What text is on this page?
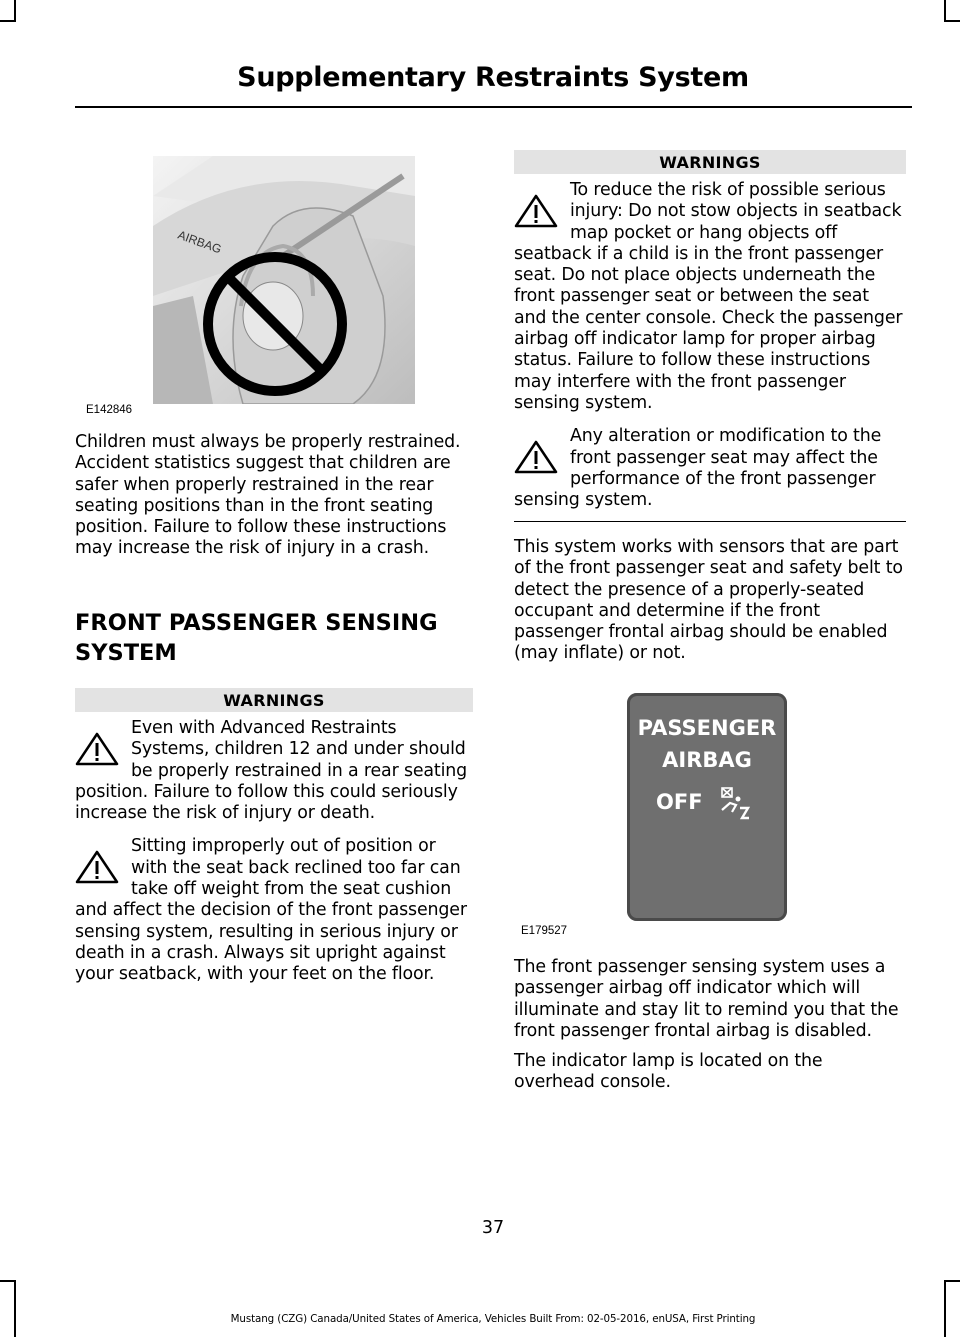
Supplementary Restraints System
AIRBAG
E142846

Children must always be properly restrained. Accident statistics suggest that children are safer when properly restrained in the rear seating positions than in the front seating position. Failure to follow these instructions may increase the risk of injury in a crash.

FRONT PASSENGER SENSING
SYSTEM

WARNINGS
Even with Advanced Restraints Systems, children 12 and under should be properly restrained in a rear seating position. Failure to follow this could seriously increase the risk of injury or death.
Sitting improperly out of position or with the seat back reclined too far can take off weight from the seat cushion and affect the decision of the front passenger sensing system, resulting in serious injury or death in a crash. Always sit upright against your seatback, with your feet on the floor.
WARNINGS
To reduce the risk of possible serious injury: Do not stow objects in seatback map pocket or hang objects off seatback if a child is in the front passenger seat. Do not place objects underneath the front passenger seat or between the seat and the center console. Check the passenger airbag off indicator lamp for proper airbag status. Failure to follow these instructions may interfere with the front passenger sensing system.
Any alteration or modification to the front passenger seat may affect the performance of the front passenger sensing system.

This system works with sensors that are part of the front passenger seat and safety belt to detect the presence of a properly-seated occupant and determine if the front passenger frontal airbag should be enabled (may inflate) or not.

PASSENGER
AIRBAG
OFF
E179527

The front passenger sensing system uses a passenger airbag off indicator which will illuminate and stay lit to remind you that the front passenger frontal airbag is disabled.

The indicator lamp is located on the overhead console.

37
Mustang (CZG) Canada/United States of America, Vehicles Built From: 02-05-2016, enUSA, First Printing
